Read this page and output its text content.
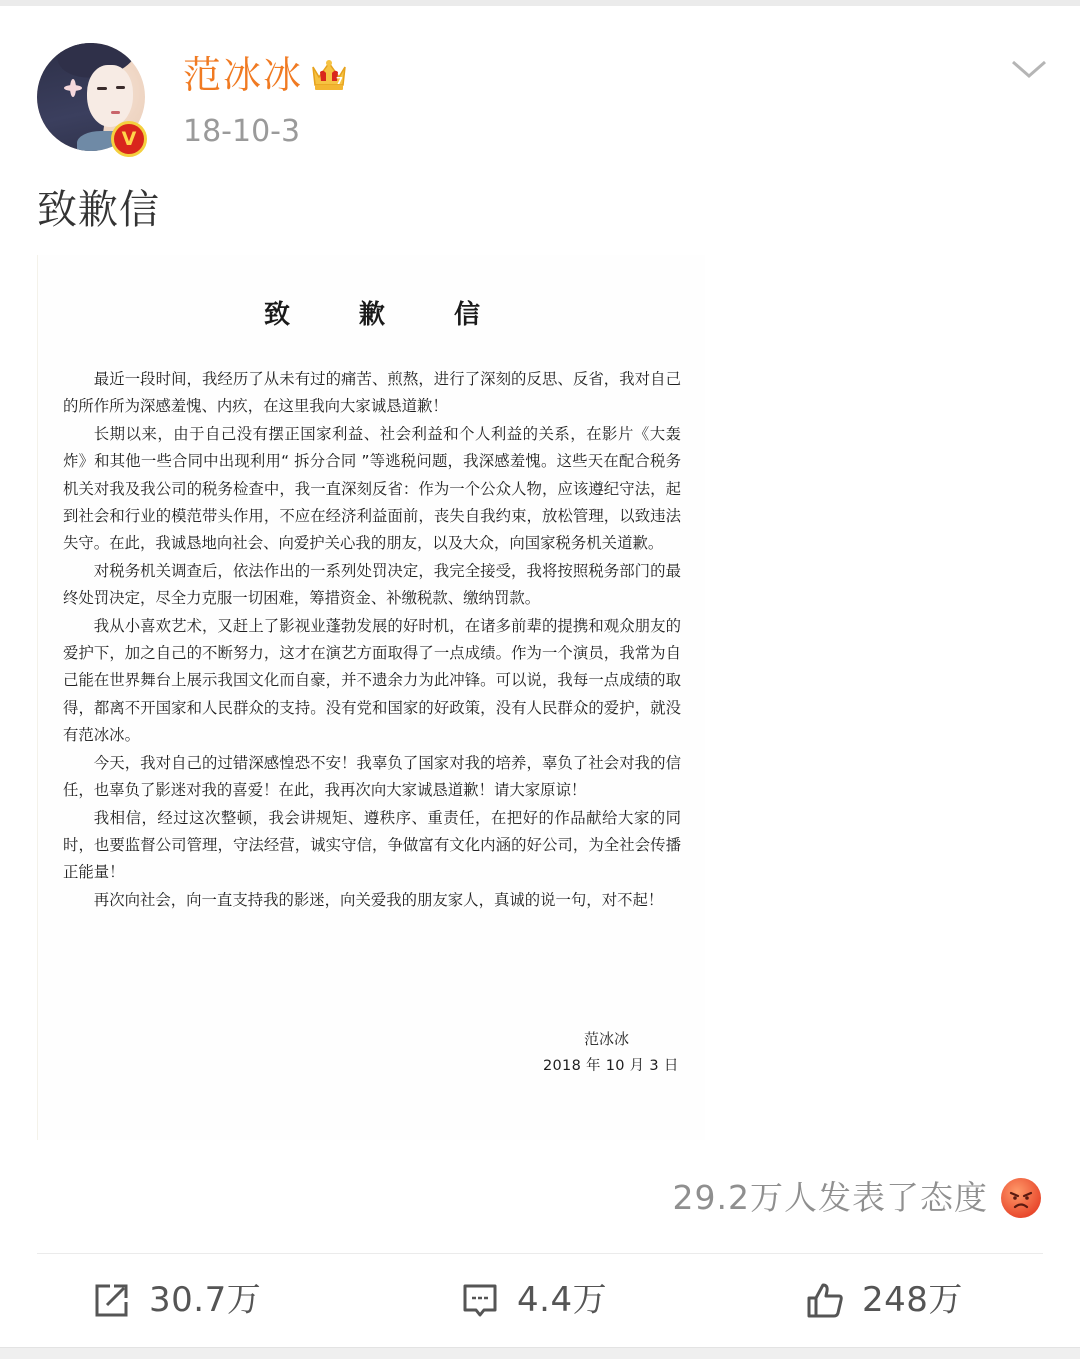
V
范冰冰	7
18-10-3
致歉信
致 歉 信

最近一段时间，我经历了从未有过的痛苦、煎熬，进行了深刻的反思、反省，我对自己的所作所为深感羞愧、内疚，在这里我向大家诚恳道歉！

长期以来，由于自己没有摆正国家利益、社会利益和个人利益的关系，在影片《大轰炸》和其他一些合同中出现利用“ 拆分合同 ”等逃税问题，我深感羞愧。这些天在配合税务机关对我及我公司的税务检查中，我一直深刻反省：作为一个公众人物，应该遵纪守法，起到社会和行业的模范带头作用，不应在经济利益面前，丧失自我约束，放松管理，以致违法失守。在此，我诚恳地向社会、向爱护关心我的朋友，以及大众，向国家税务机关道歉。

对税务机关调查后，依法作出的一系列处罚决定，我完全接受，我将按照税务部门的最终处罚决定，尽全力克服一切困难，筹措资金、补缴税款、缴纳罚款。

我从小喜欢艺术，又赶上了影视业蓬勃发展的好时机，在诸多前辈的提携和观众朋友的爱护下，加之自己的不断努力，这才在演艺方面取得了一点成绩。作为一个演员，我常为自己能在世界舞台上展示我国文化而自豪，并不遗余力为此冲锋。可以说，我每一点成绩的取得，都离不开国家和人民群众的支持。没有党和国家的好政策，没有人民群众的爱护，就没有范冰冰。

今天，我对自己的过错深感惶恐不安！我辜负了国家对我的培养，辜负了社会对我的信任，也辜负了影迷对我的喜爱！在此，我再次向大家诚恳道歉！请大家原谅！

我相信，经过这次整顿，我会讲规矩、遵秩序、重责任，在把好的作品献给大家的同时，也要监督公司管理，守法经营，诚实守信，争做富有文化内涵的好公司，为全社会传播正能量！

再次向社会，向一直支持我的影迷，向关爱我的朋友家人，真诚的说一句，对不起！

范冰冰
2018 年 10 月 3 日
29.2万人发表了态度
30.7万	4.4万	248万
